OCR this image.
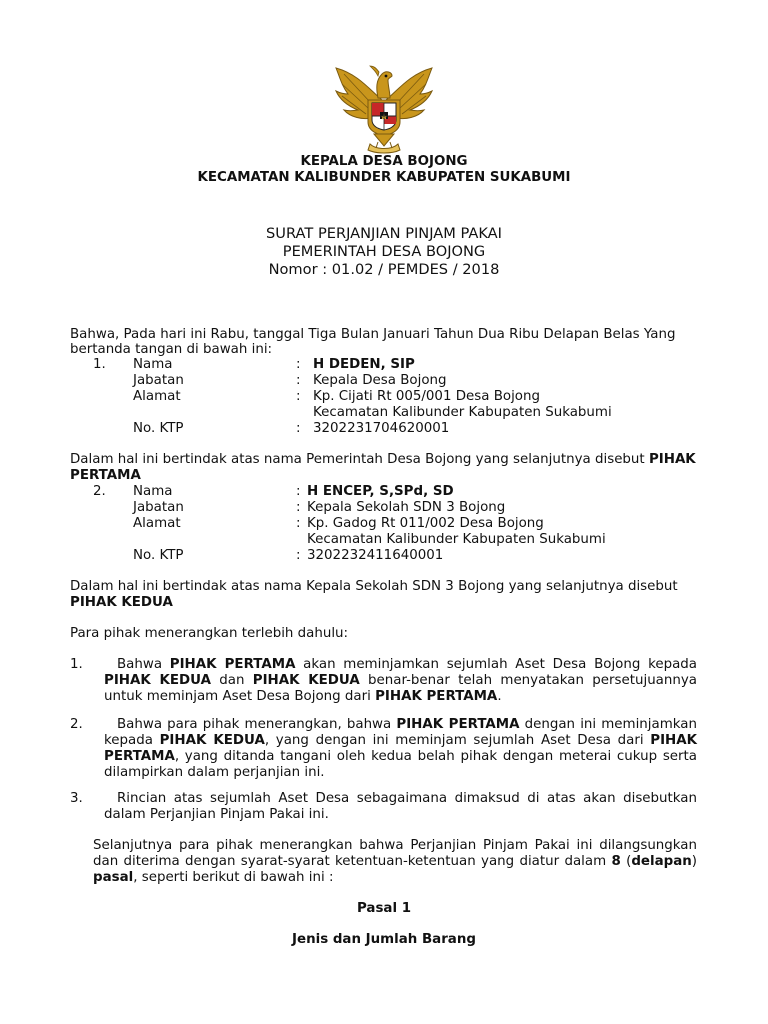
KEPALA DESA BOJONG
KECAMATAN KALIBUNDER KABUPATEN SUKABUMI
SURAT PERJANJIAN PINJAM PAKAI
PEMERINTAH DESA BOJONG
Nomor : 01.02 / PEMDES / 2018
Bahwa, Pada hari ini Rabu, tanggal Tiga Bulan Januari Tahun Dua Ribu Delapan Belas Yang
bertanda tangan di bawah ini:
1. Nama	: H DEDEN, SIP
Jabatan	: Kepala Desa Bojong
Alamat	: Kp. Cijati Rt 005/001 Desa Bojong
Kecamatan Kalibunder Kabupaten Sukabumi
No. KTP	: 3202231704620001
Dalam hal ini bertindak atas nama Pemerintah Desa Bojong yang selanjutnya disebut PIHAK
PERTAMA
2. Nama	: H ENCEP, S,SPd, SD
Jabatan	: Kepala Sekolah SDN 3 Bojong
Alamat	: Kp. Gadog Rt 011/002 Desa Bojong
Kecamatan Kalibunder Kabupaten Sukabumi
No. KTP	: 3202232411640001
Dalam hal ini bertindak atas nama Kepala Sekolah SDN 3 Bojong yang selanjutnya disebut
PIHAK KEDUA
Para pihak menerangkan terlebih dahulu:
1.	Bahwa PIHAK PERTAMA akan meminjamkan sejumlah Aset Desa Bojong kepada
PIHAK KEDUA dan PIHAK KEDUA benar-benar telah menyatakan persetujuannya
untuk meminjam Aset Desa Bojong dari PIHAK PERTAMA.
2.	Bahwa para pihak menerangkan, bahwa PIHAK PERTAMA dengan ini meminjamkan
kepada PIHAK KEDUA, yang dengan ini meminjam sejumlah Aset Desa dari PIHAK
PERTAMA, yang ditanda tangani oleh kedua belah pihak dengan meterai cukup serta
dilampirkan dalam perjanjian ini.
3.	Rincian atas sejumlah Aset Desa sebagaimana dimaksud di atas akan disebutkan
dalam Perjanjian Pinjam Pakai ini.
Selanjutnya para pihak menerangkan bahwa Perjanjian Pinjam Pakai ini dilangsungkan
dan diterima dengan syarat-syarat ketentuan-ketentuan yang diatur dalam 8 (delapan)
pasal, seperti berikut di bawah ini :
Pasal 1
Jenis dan Jumlah Barang
